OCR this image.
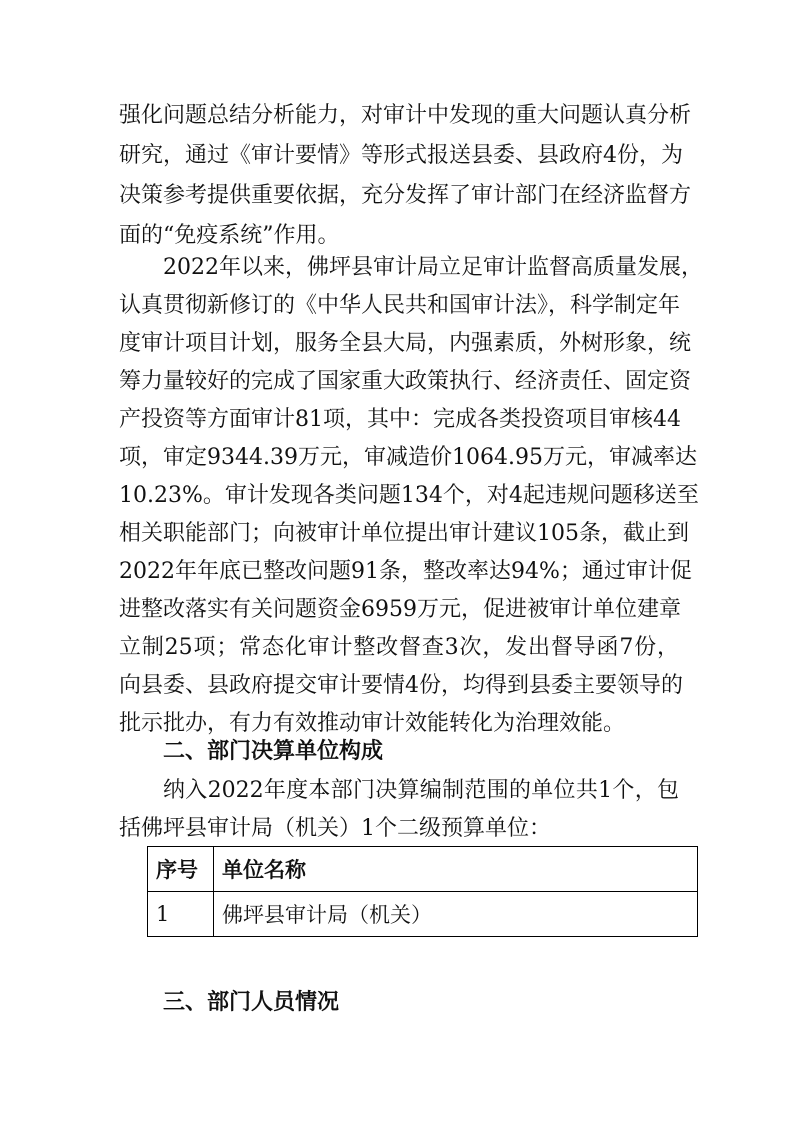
强化问题总结分析能力，对审计中发现的重大问题认真分析
研究，通过《审计要情》等形式报送县委、县政府4份，为
决策参考提供重要依据，充分发挥了审计部门在经济监督方
面的“免疫系统”作用。
2022年以来，佛坪县审计局立足审计监督高质量发展，
认真贯彻新修订的《中华人民共和国审计法》，科学制定年
度审计项目计划，服务全县大局，内强素质，外树形象，统
筹力量较好的完成了国家重大政策执行、经济责任、固定资
产投资等方面审计81项，其中：完成各类投资项目审核44
项，审定9344.39万元，审减造价1064.95万元，审减率达
10.23%。审计发现各类问题134个，对4起违规问题移送至
相关职能部门；向被审计单位提出审计建议105条，截止到
2022年年底已整改问题91条，整改率达94%；通过审计促
进整改落实有关问题资金6959万元，促进被审计单位建章
立制25项；常态化审计整改督查3次，发出督导函7份，
向县委、县政府提交审计要情4份，均得到县委主要领导的
批示批办，有力有效推动审计效能转化为治理效能。
二、部门决算单位构成
纳入2022年度本部门决算编制范围的单位共1个，包
序号	单位名称
1	佛坪县审计局（机关）
三、部门人员情况
括佛坪县审计局（机关）1个二级预算单位：
